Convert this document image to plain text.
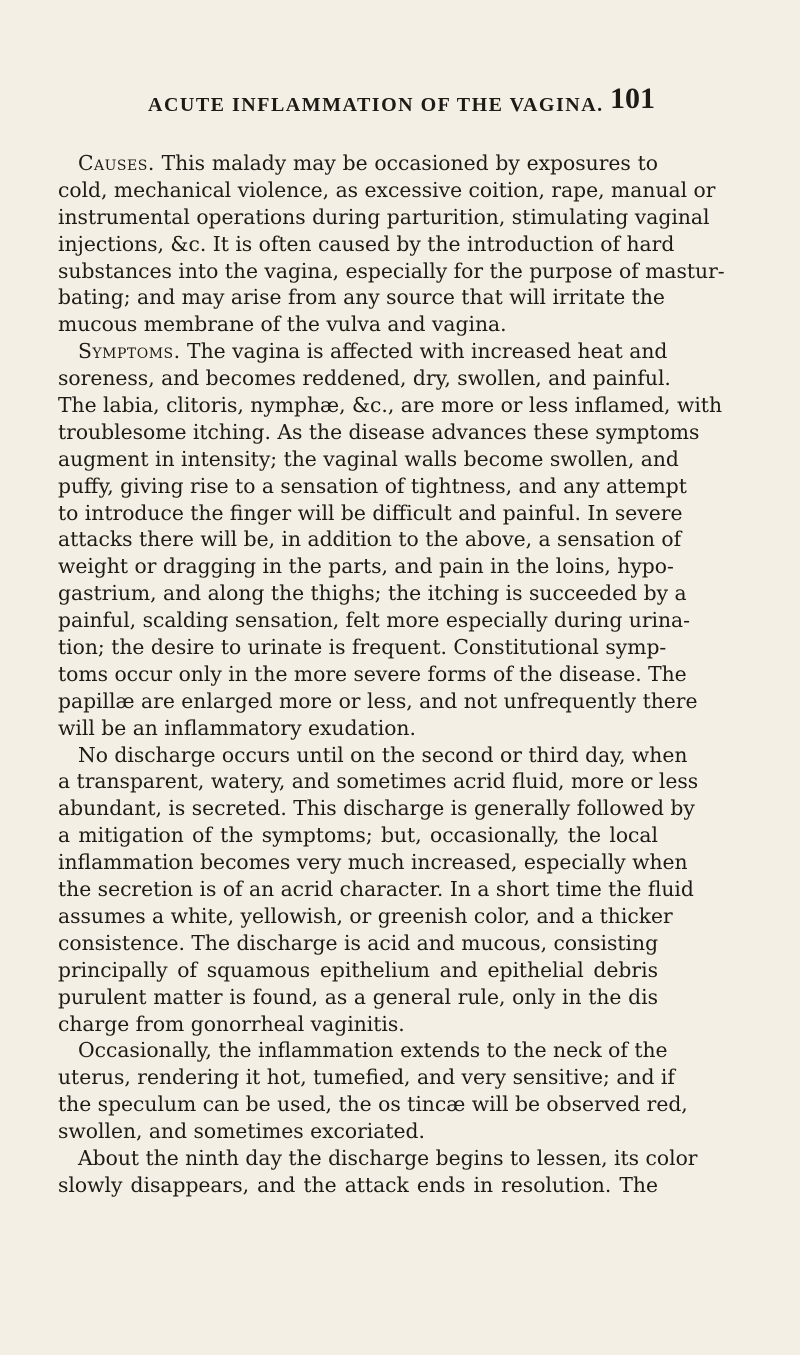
ACUTE INFLAMMATION OF THE VAGINA. 101
Causes. This malady may be occasioned by exposures to
cold, mechanical violence, as excessive coition, rape, manual or
instrumental operations during parturition, stimulating vaginal
injections, &c. It is often caused by the introduction of hard
substances into the vagina, especially for the purpose of mastur-
bating; and may arise from any source that will irritate the
mucous membrane of the vulva and vagina.
Symptoms. The vagina is affected with increased heat and
soreness, and becomes reddened, dry, swollen, and painful.
The labia, clitoris, nymphæ, &c., are more or less inflamed, with
troublesome itching. As the disease advances these symptoms
augment in intensity; the vaginal walls become swollen, and
puffy, giving rise to a sensation of tightness, and any attempt
to introduce the finger will be difficult and painful. In severe
attacks there will be, in addition to the above, a sensation of
weight or dragging in the parts, and pain in the loins, hypo-
gastrium, and along the thighs; the itching is succeeded by a
painful, scalding sensation, felt more especially during urina-
tion; the desire to urinate is frequent. Constitutional symp-
toms occur only in the more severe forms of the disease. The
papillæ are enlarged more or less, and not unfrequently there
will be an inflammatory exudation.
No discharge occurs until on the second or third day, when
a transparent, watery, and sometimes acrid fluid, more or less
abundant, is secreted. This discharge is generally followed by
a mitigation of the symptoms; but, occasionally, the local
inflammation becomes very much increased, especially when
the secretion is of an acrid character. In a short time the fluid
assumes a white, yellowish, or greenish color, and a thicker
consistence. The discharge is acid and mucous, consisting
principally of squamous epithelium and epithelial debris
purulent matter is found, as a general rule, only in the dis
charge from gonorrheal vaginitis.
Occasionally, the inflammation extends to the neck of the
uterus, rendering it hot, tumefied, and very sensitive; and if
the speculum can be used, the os tincæ will be observed red,
swollen, and sometimes excoriated.
About the ninth day the discharge begins to lessen, its color
slowly disappears, and the attack ends in resolution. The
